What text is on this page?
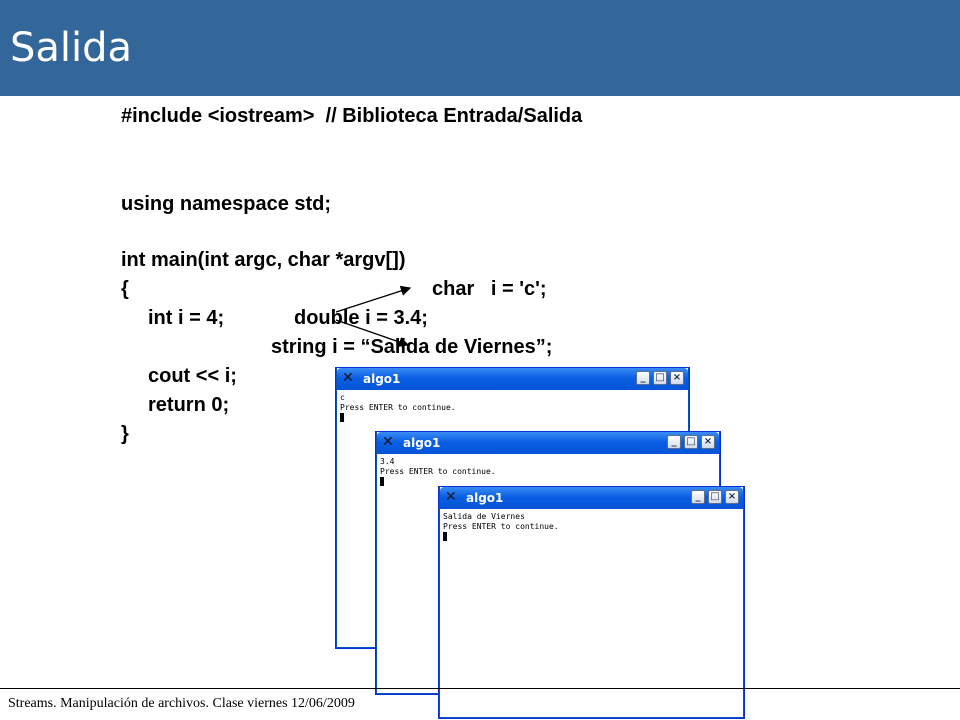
Salida
#include <iostream>  // Biblioteca Entrada/Salida
using namespace std;
int main(int argc, char *argv[])
{	char   i = 'c';
int i = 4;	double i = 3.4;
string i = “Salida de Viernes”;
cout << i;
return 0;
}
✕ algo1	_ □ ×
c
Press ENTER to continue.
✕ algo1	_ □ ×
3.4
Press ENTER to continue.
✕ algo1	_ □ ×
Salida de Viernes
Press ENTER to continue.
Streams. Manipulación de archivos. Clase viernes 12/06/2009
